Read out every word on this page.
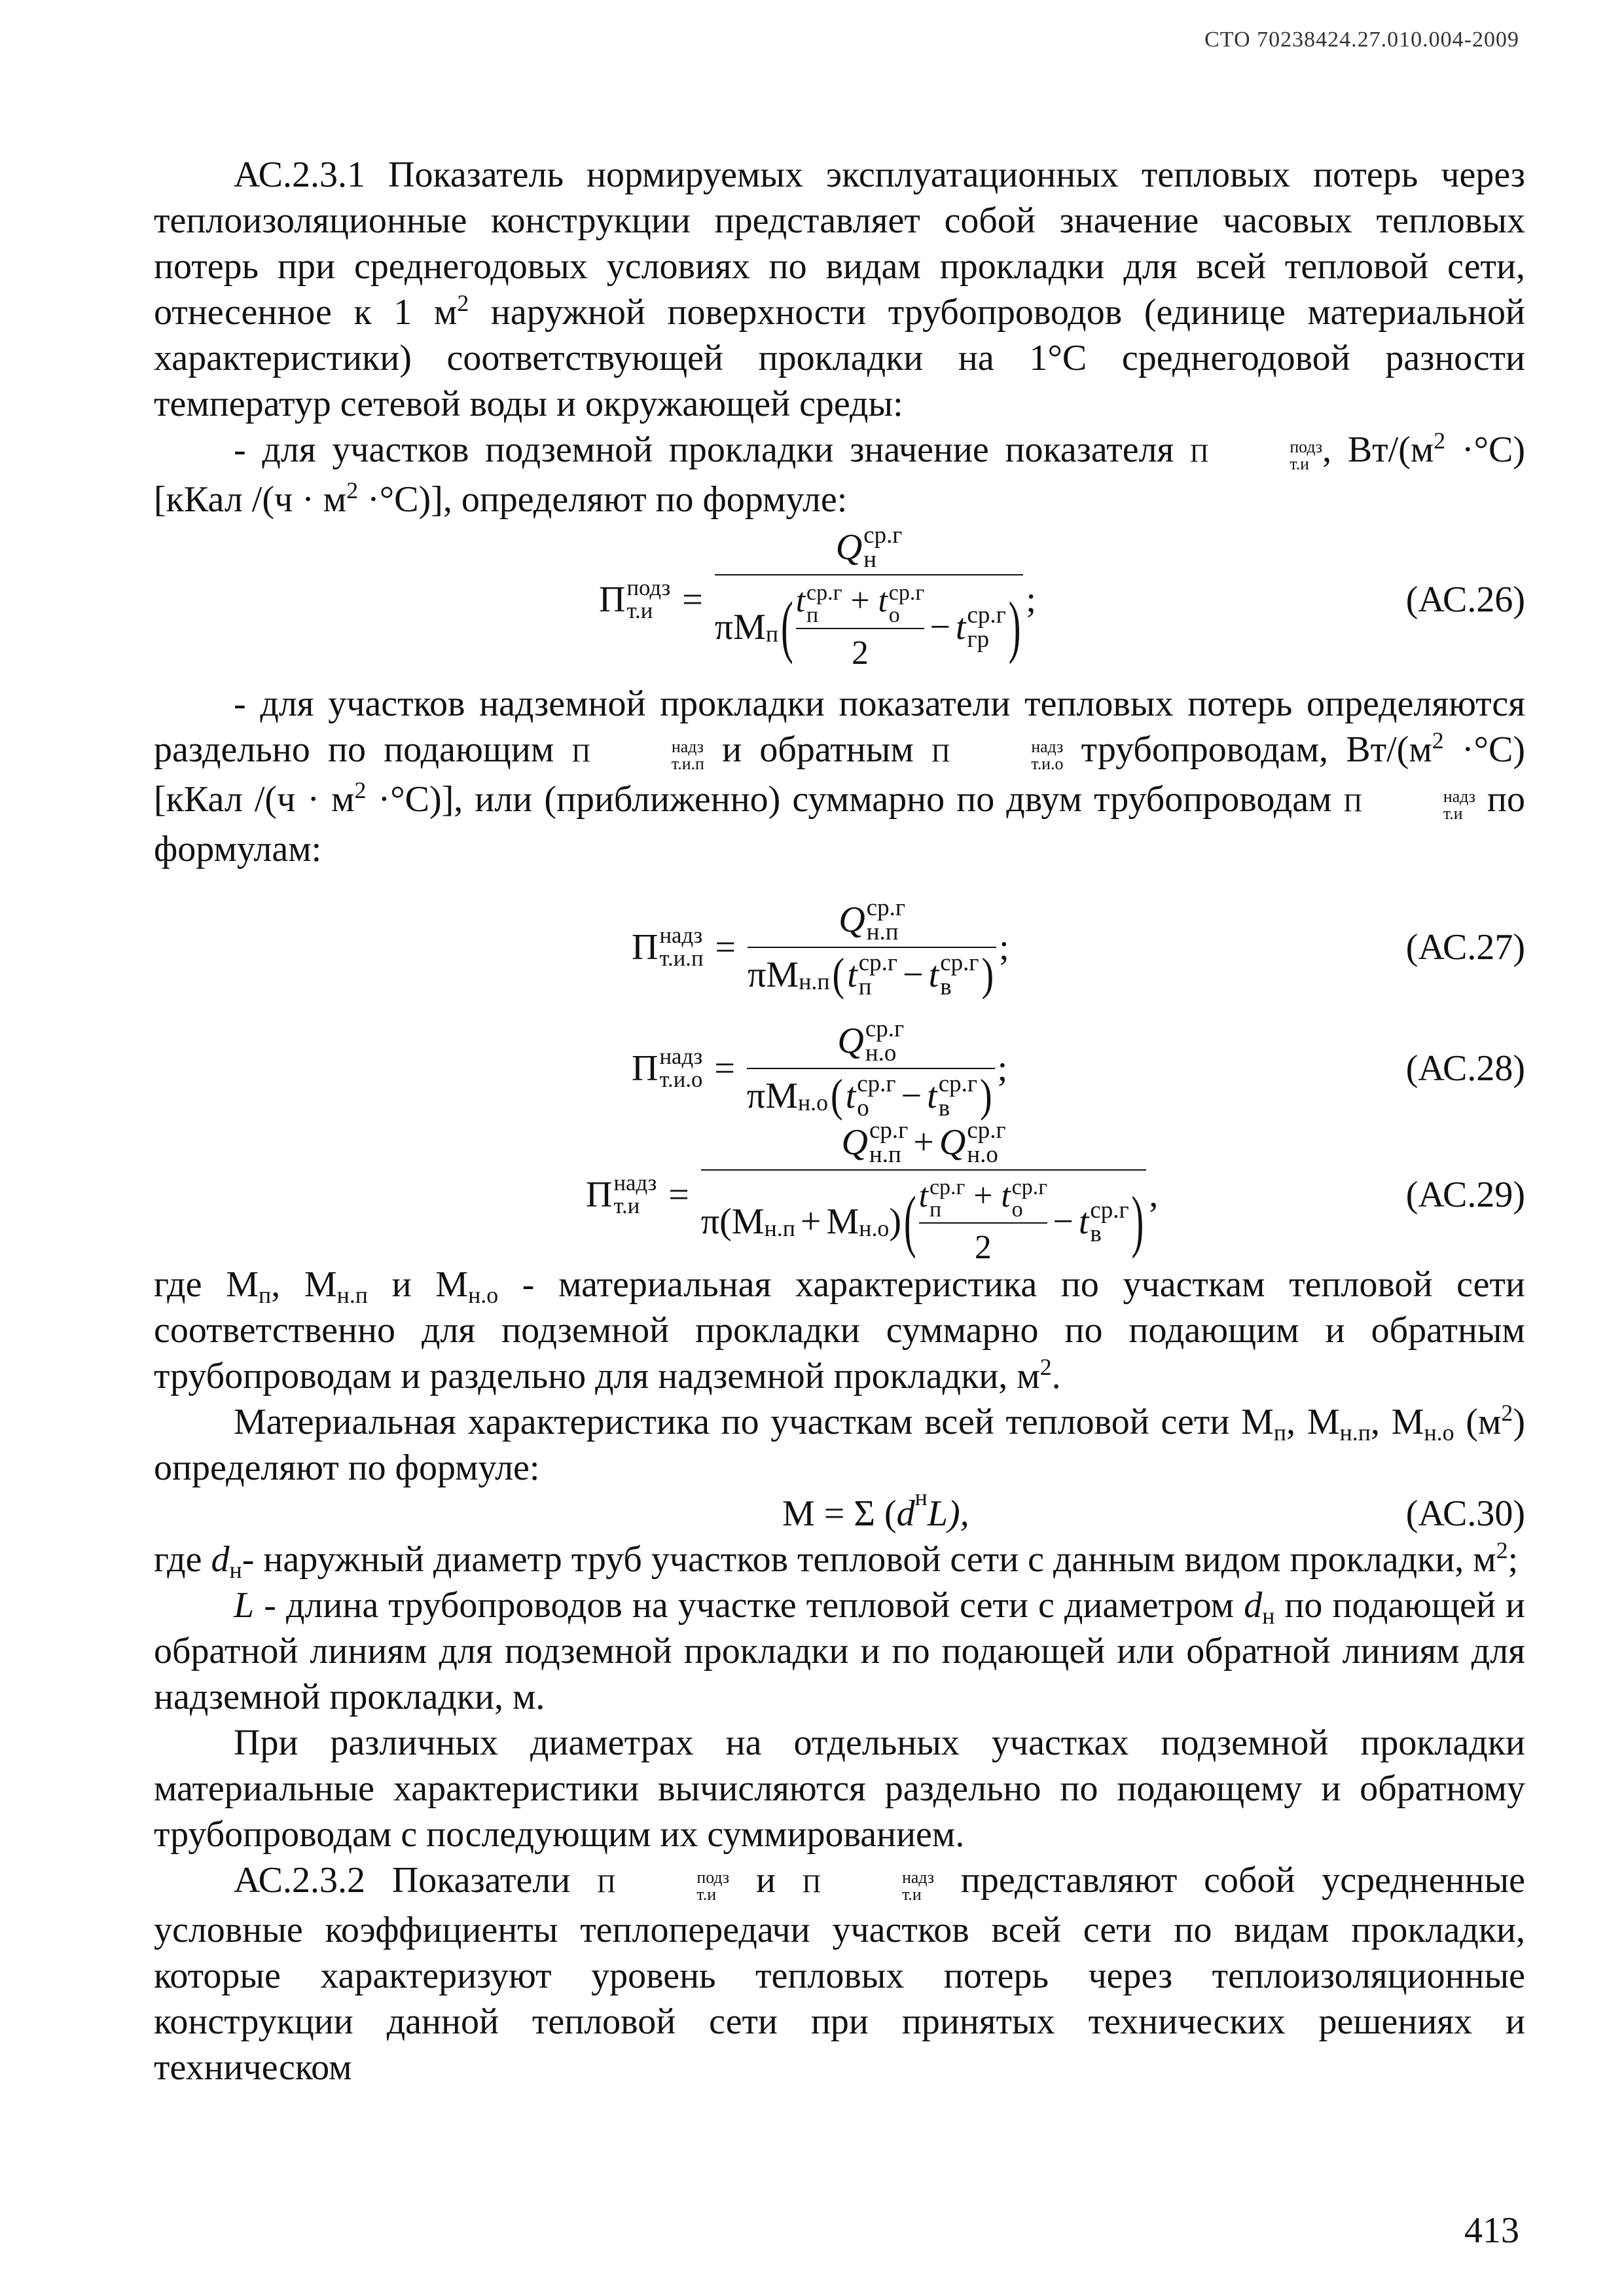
СТО 70238424.27.010.004-2009

АС.2.3.1 Показатель нормируемых эксплуатационных тепловых потерь через теплоизоляционные конструкции представляет собой значение часовых тепловых потерь при среднегодовых условиях по видам прокладки для всей тепловой сети, отнесенное к 1 $м^2$ наружной поверхности трубопроводов (единице материальной характеристики) соответствующей прокладки на 1°С среднегодовой разности температур сетевой воды и окружающей среды:

- для участков подземной прокладки значение показателя П	подз
т.и , $Вт/(м^2 \cdot^\circ С)$ [кКал $/(ч \cdot м^2 \cdot^\circ С)$], определяют по формуле:

П подз
т.и =
Q ср.г
н
π $М_п$ ( t ср.г
п + t ср.г
о
2
− t ср.г
гр ) ;	(АС.26)

- для участков надземной прокладки показатели тепловых потерь определяются раздельно по подающим П	надз
т.и.п и обратным П	надз
т.и.о трубопроводам, $Вт/(м^2 \cdot^\circ С)$ [кКал $/(ч \cdot м^2 \cdot^\circ С)$], или (приближенно) суммарно по двум трубопроводам П	надз
т.и по формулам:

П надз
т.и.п = Q ср.г
н.п
π $М_{н.п}$ ( t ср.г
п − t ср.г
в ) ;	(АС.27)
П надз
т.и.о = Q ср.г
н.о
π $М_{н.о}$ ( t ср.г
о − t ср.г
в ) ;	(АС.28)
П надз
т.и =
Q ср.г
н.п + Q ср.г
н.о
π( $М_{н.п} + М_{н.о}$ ) ( t ср.г
п + t ср.г
о
2
− t ср.г
в ) ,	(АС.29)

где $М_п$, $М_{н.п}$ и $М_{н.о}$ - материальная характеристика по участкам тепловой сети соответственно для подземной прокладки суммарно по подающим и обратным трубопроводам и раздельно для надземной прокладки, $м^2$.

Материальная характеристика по участкам всей тепловой сети $М_п$, $М_{н.п}$, $М_{н.о}$ $(м^2)$ определяют по формуле:

M = Σ ( $d_н$ L),	(АС.30)

где $d_н-$ наружный диаметр труб участков тепловой сети с данным видом прокладки, $м^2$;

L - длина трубопроводов на участке тепловой сети с диаметром $d_н$ по подающей и обратной линиям для подземной прокладки и по подающей или обратной линиям для надземной прокладки, м.

При различных диаметрах на отдельных участках подземной прокладки материальные характеристики вычисляются раздельно по подающему и обратному трубопроводам с последующим их суммированием.

АС.2.3.2 Показатели П	подз
т.и и П	надз
т.и представляют собой усредненные условные коэффициенты теплопередачи участков всей сети по видам прокладки, которые характеризуют уровень тепловых потерь через теплоизоляционные конструкции данной тепловой сети при принятых технических решениях и техническом

413
